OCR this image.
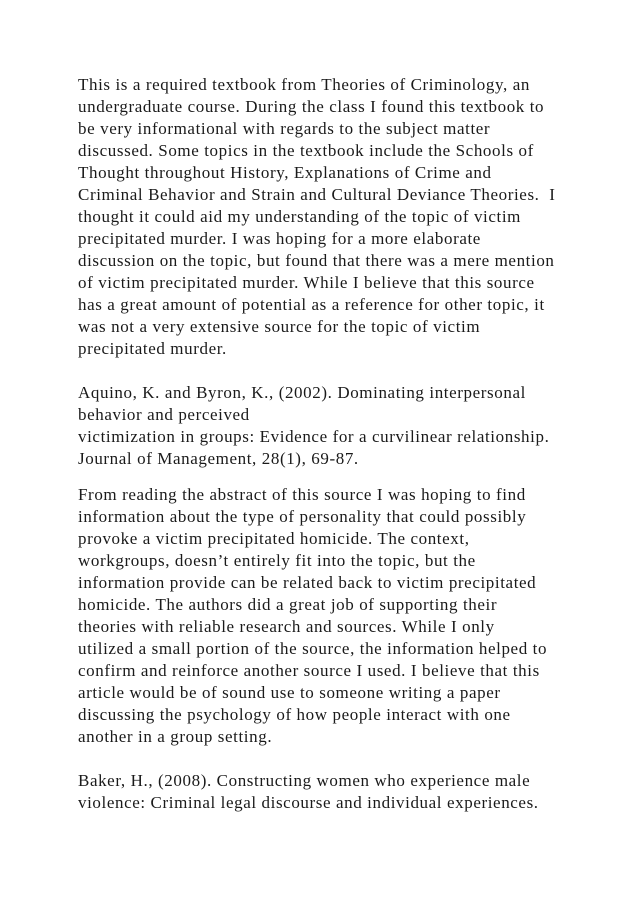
This is a required textbook from Theories of Criminology, an
undergraduate course. During the class I found this textbook to
be very informational with regards to the subject matter
discussed. Some topics in the textbook include the Schools of
Thought throughout History, Explanations of Crime and
Criminal Behavior and Strain and Cultural Deviance Theories.  I
thought it could aid my understanding of the topic of victim
precipitated murder. I was hoping for a more elaborate
discussion on the topic, but found that there was a mere mention
of victim precipitated murder. While I believe that this source
has a great amount of potential as a reference for other topic, it
was not a very extensive source for the topic of victim
precipitated murder.
Aquino, K. and Byron, K., (2002). Dominating interpersonal
behavior and perceived
victimization in groups: Evidence for a curvilinear relationship.
Journal of Management, 28(1), 69-87.
From reading the abstract of this source I was hoping to find
information about the type of personality that could possibly
provoke a victim precipitated homicide. The context,
workgroups, doesn’t entirely fit into the topic, but the
information provide can be related back to victim precipitated
homicide. The authors did a great job of supporting their
theories with reliable research and sources. While I only
utilized a small portion of the source, the information helped to
confirm and reinforce another source I used. I believe that this
article would be of sound use to someone writing a paper
discussing the psychology of how people interact with one
another in a group setting.
Baker, H., (2008). Constructing women who experience male
violence: Criminal legal discourse and individual experiences.
